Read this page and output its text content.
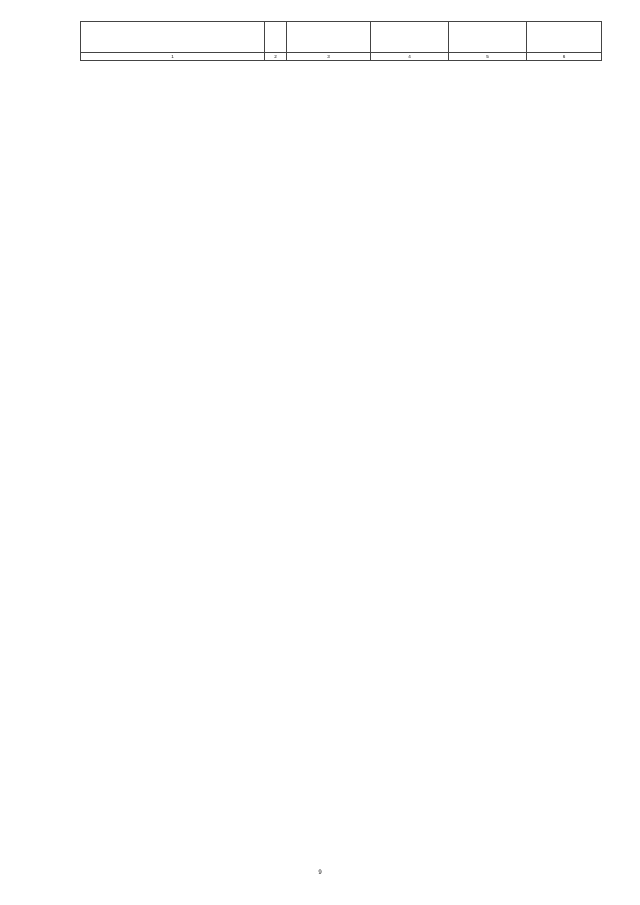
1	2	3	4	5	6
9
